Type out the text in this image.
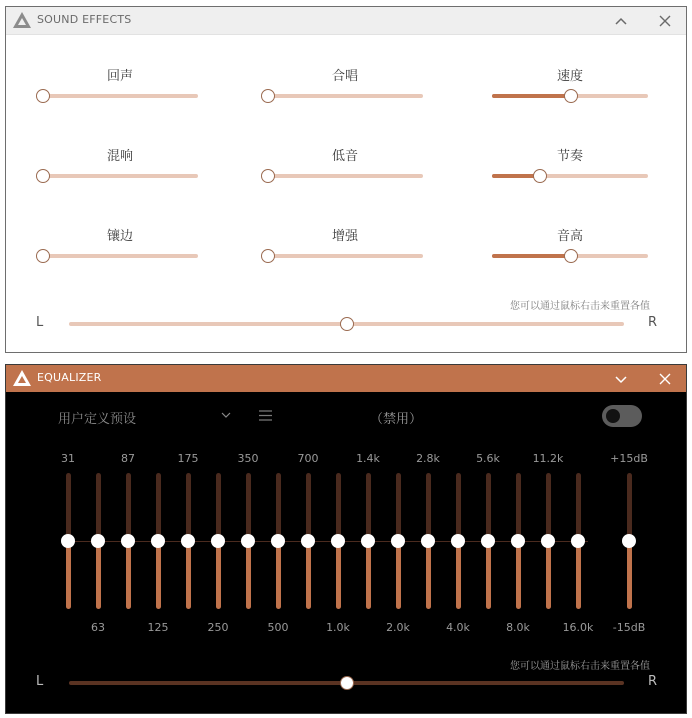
SOUND EFFECTS
回声	合唱	速度
混响	低音	节奏
镶边	增强	音高
您可以通过鼠标右击来重置各值
L	R
EQUALIZER
用户定义预设	（禁用）
31
63
87
125
175
250
350
500
700
1.0k
1.4k
2.0k
2.8k
4.0k
5.6k
8.0k
11.2k
16.0k
+15dB
-15dB
您可以通过鼠标右击来重置各值
L	R
